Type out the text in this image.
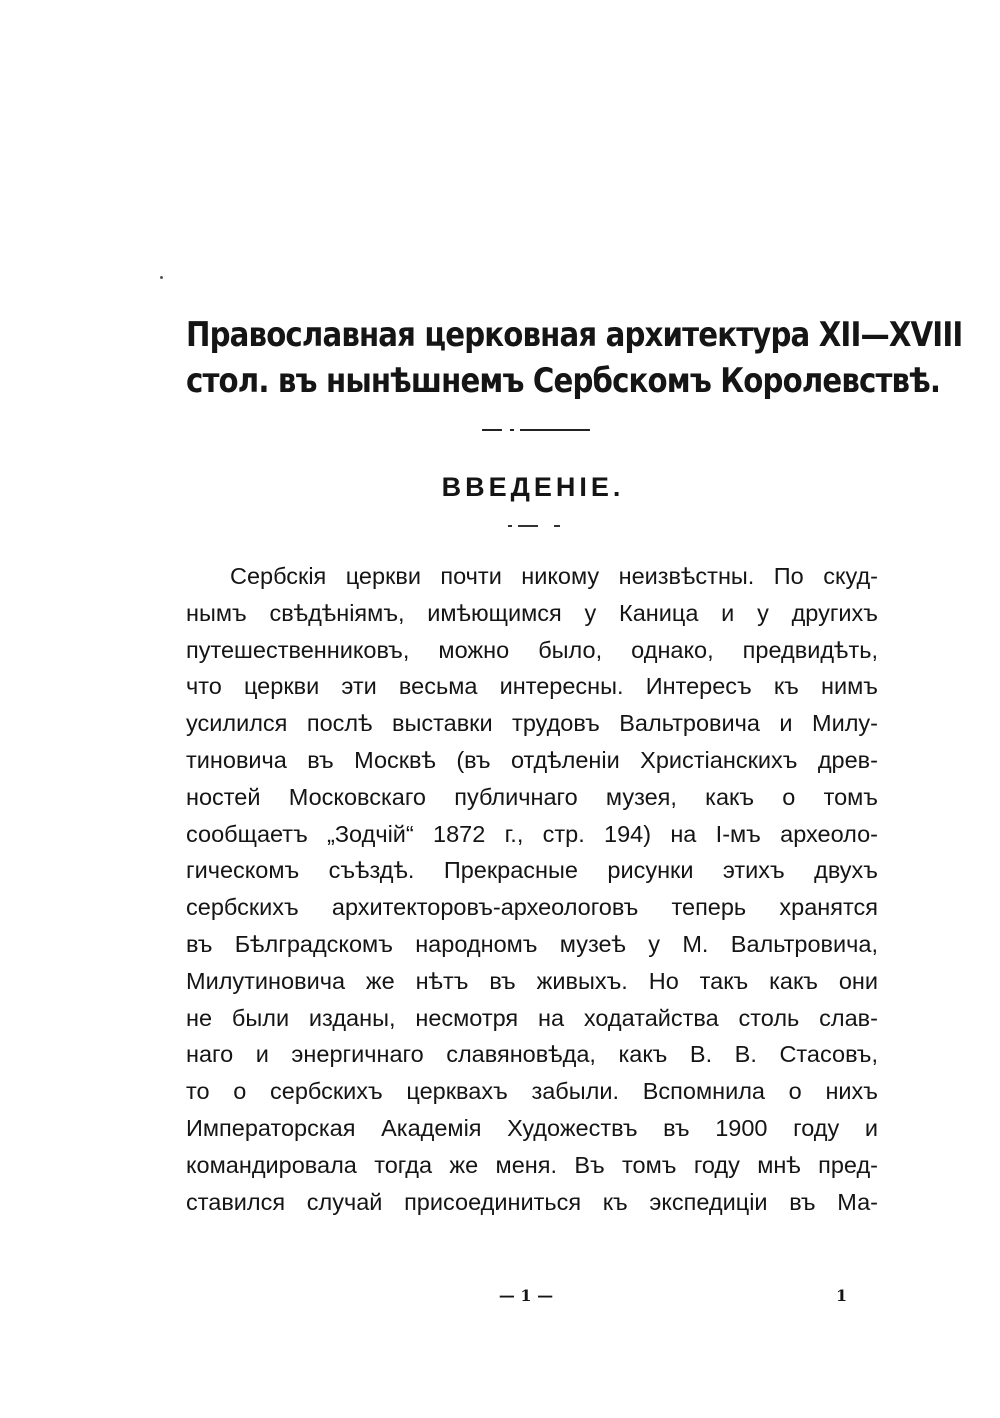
Православная церковная архитектура XII—XVIII
стол. въ нынѣшнемъ Сербскомъ Королевствѣ.
ВВЕДЕНІЕ.
Сербскія церкви почти никому неизвѣстны. По скуд-
нымъ свѣдѣніямъ, имѣющимся у Каница и у другихъ
путешественниковъ, можно было, однако, предвидѣть,
что церкви эти весьма интересны. Интересъ къ нимъ
усилился послѣ выставки трудовъ Вальтровича и Милу-
тиновича въ Москвѣ (въ отдѣленіи Христіанскихъ древ-
ностей Московскаго публичнаго музея, какъ о томъ
сообщаетъ „Зодчій“ 1872 г., стр. 194) на І-мъ археоло-
гическомъ съѣздѣ. Прекрасные рисунки этихъ двухъ
сербскихъ архитекторовъ-археологовъ теперь хранятся
въ Бѣлградскомъ народномъ музеѣ у М. Вальтровича,
Милутиновича же нѣтъ въ живыхъ. Но такъ какъ они
не были изданы, несмотря на ходатайства столь слав-
наго и энергичнаго славяновѣда, какъ В. В. Стасовъ,
то о сербскихъ церквахъ забыли. Вспомнила о нихъ
Императорская Академія Художествъ въ 1900 году и
командировала тогда же меня. Въ томъ году мнѣ пред-
ставился случай присоединиться къ экспедиціи въ Ма-
— 1 —	1
